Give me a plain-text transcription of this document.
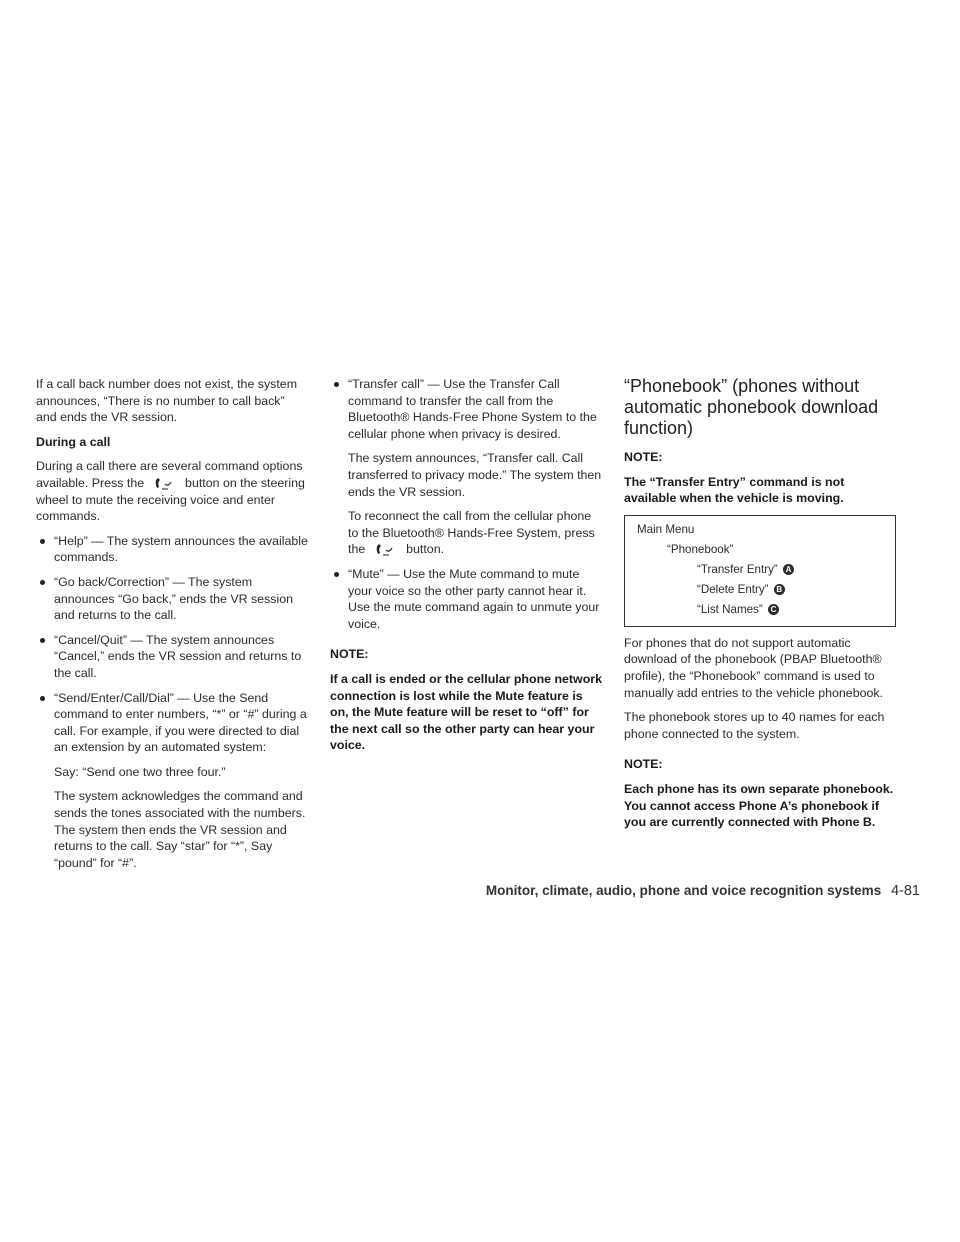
If a call back number does not exist, the system announces, “There is no number to call back” and ends the VR session.

During a call

During a call there are several command options available. Press the	button on the steering wheel to mute the receiving voice and enter commands.

“Help” — The system announces the available commands.
“Go back/Correction” — The system announces “Go back,” ends the VR session and returns to the call.
“Cancel/Quit” — The system announces “Cancel,” ends the VR session and returns to the call.
“Send/Enter/Call/Dial” — Use the Send command to enter numbers, “*” or “#” during a call. For example, if you were directed to dial an extension by an automated system:

Say: “Send one two three four.”

The system acknowledges the command and sends the tones associated with the numbers. The system then ends the VR session and returns to the call. Say “star” for “*”, Say “pound” for “#”.

“Transfer call” — Use the Transfer Call command to transfer the call from the Bluetooth® Hands-Free Phone System to the cellular phone when privacy is desired.

The system announces, “Transfer call. Call transferred to privacy mode.” The system then ends the VR session.

To reconnect the call from the cellular phone to the Bluetooth® Hands-Free System, press the	button.

“Mute” — Use the Mute command to mute your voice so the other party cannot hear it. Use the mute command again to unmute your voice.

NOTE:

If a call is ended or the cellular phone network connection is lost while the Mute feature is on, the Mute feature will be reset to “off” for the next call so the other party can hear your voice.

“Phonebook” (phones without automatic phonebook download function)

NOTE:

The “Transfer Entry” command is not available when the vehicle is moving.

Main Menu
“Phonebook”
“Transfer Entry” A
“Delete Entry” B
“List Names” C

For phones that do not support automatic download of the phonebook (PBAP Bluetooth® profile), the “Phonebook” command is used to manually add entries to the vehicle phonebook.

The phonebook stores up to 40 names for each phone connected to the system.

NOTE:

Each phone has its own separate phonebook. You cannot access Phone A’s phonebook if you are currently connected with Phone B.

Monitor, climate, audio, phone and voice recognition systems 4-81
